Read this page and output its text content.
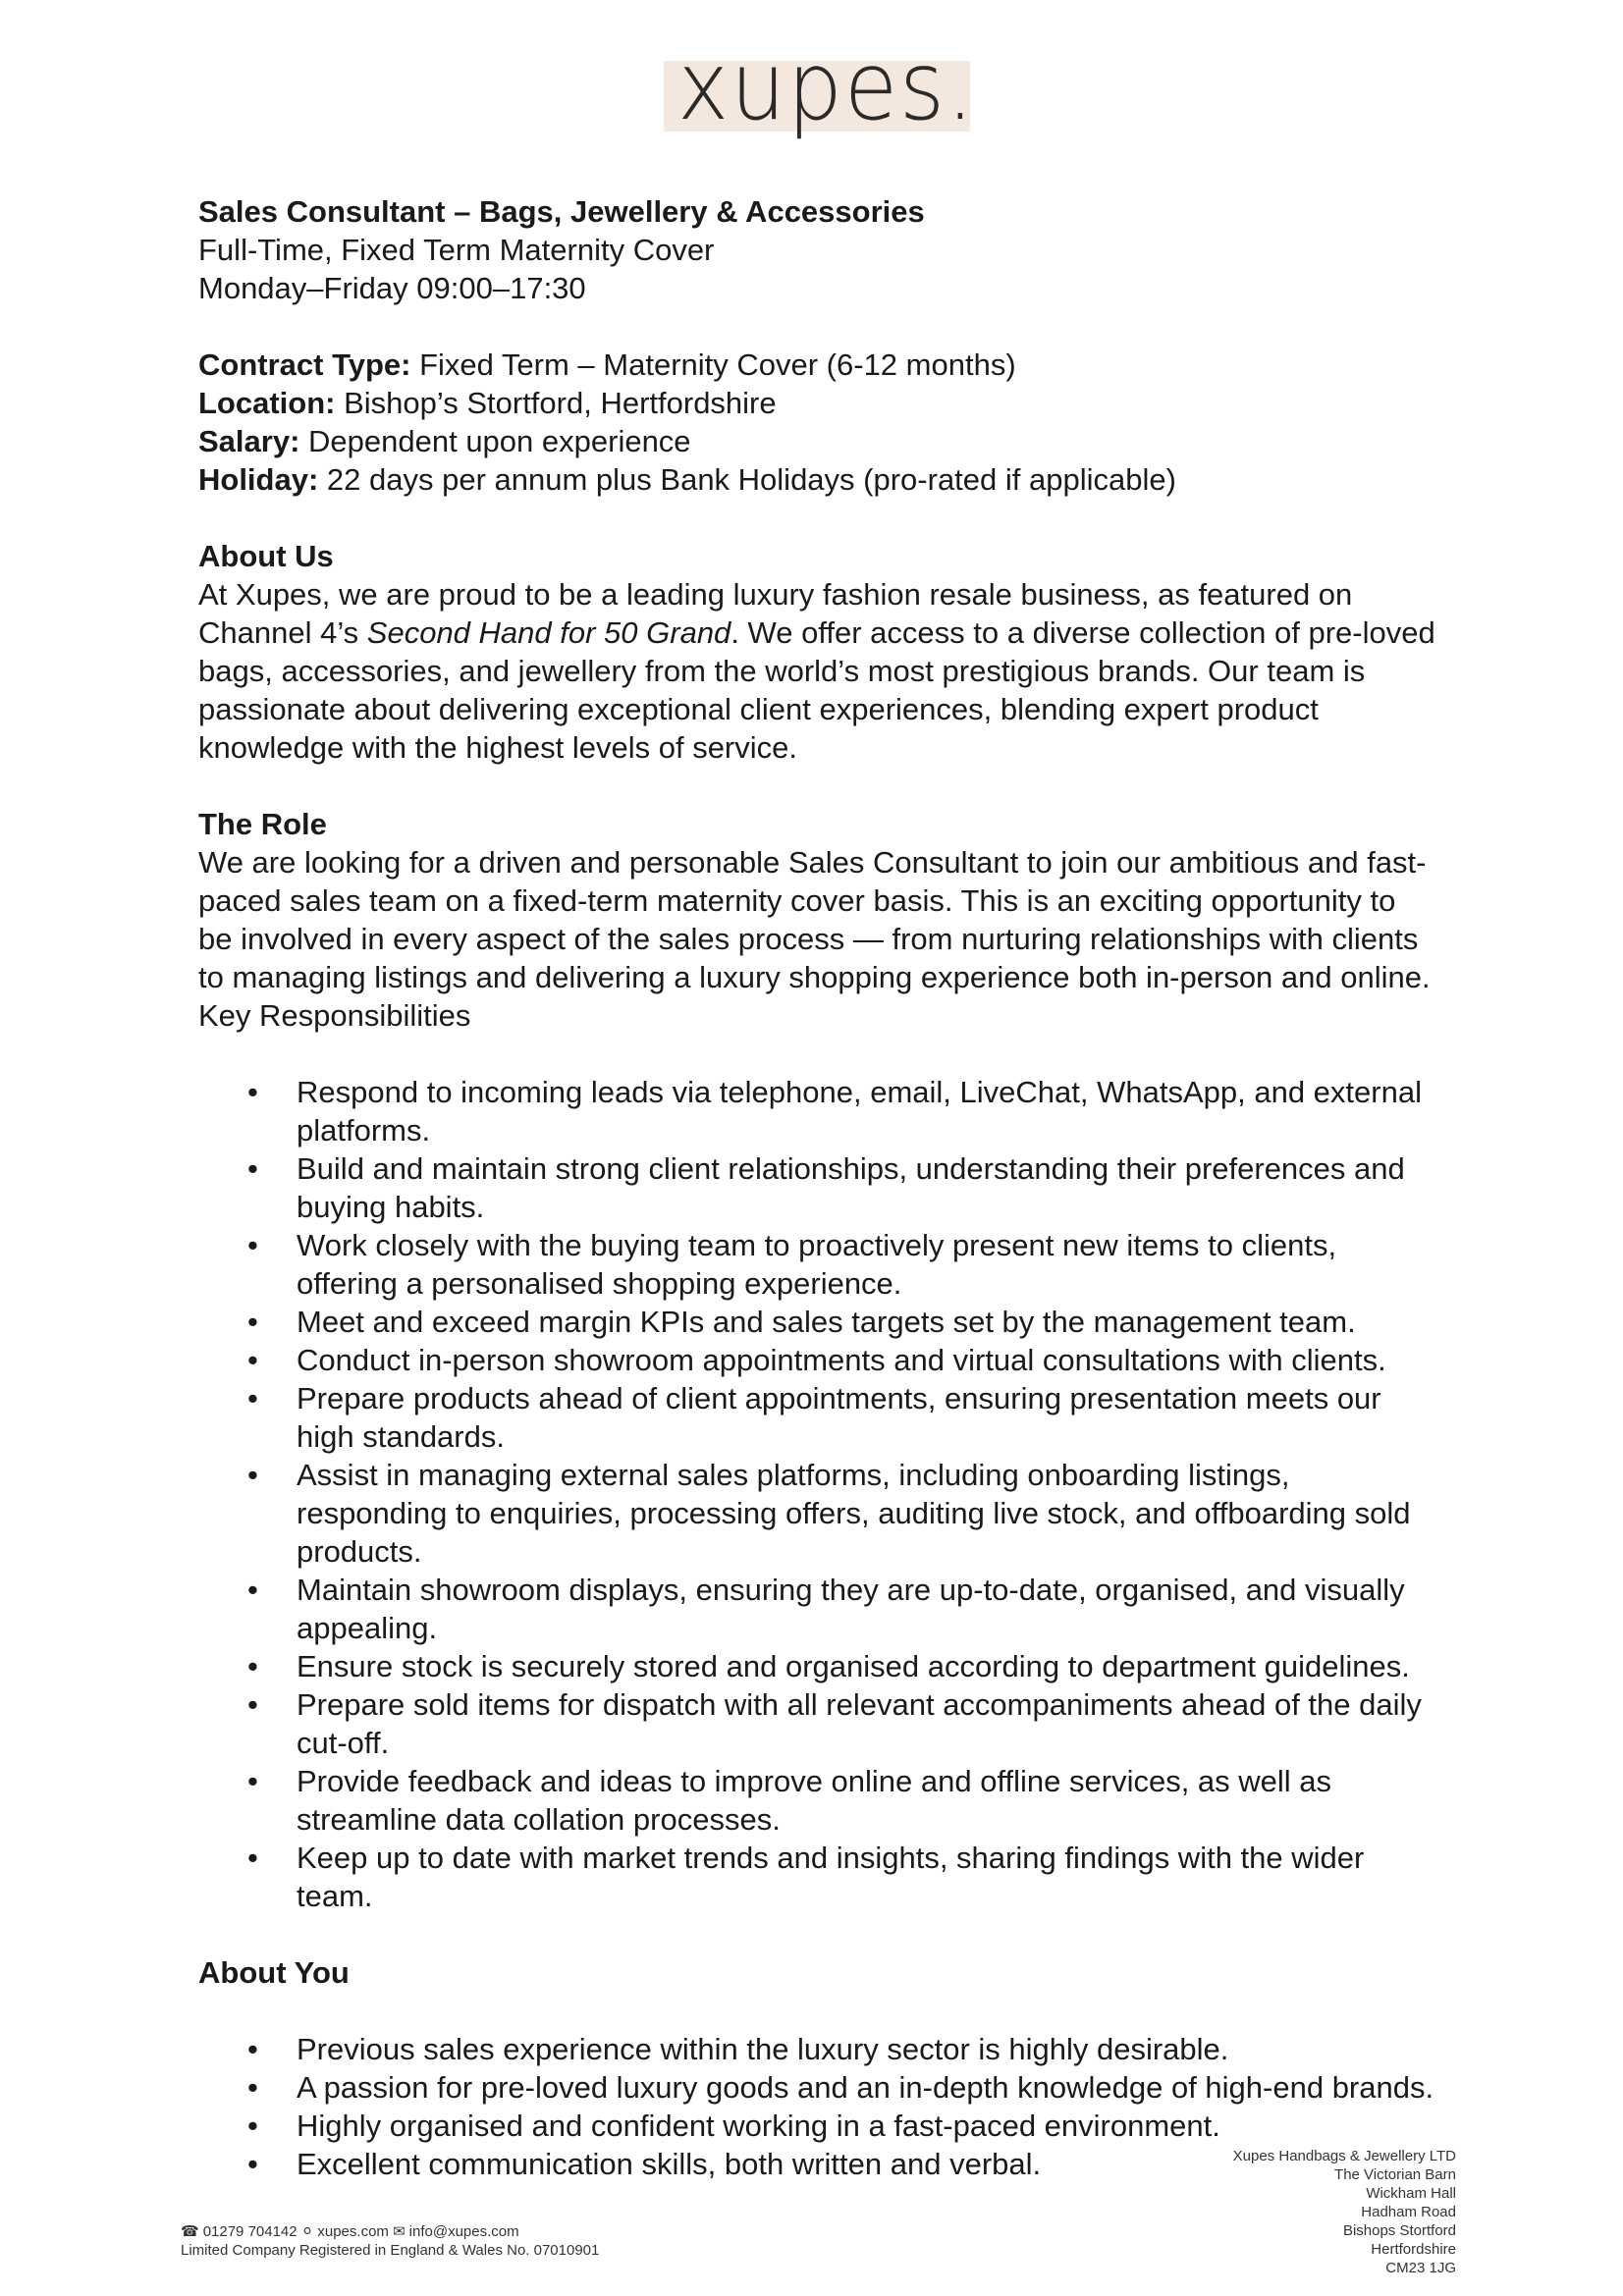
xupes.

Sales Consultant – Bags, Jewellery & Accessories

Full-Time, Fixed Term Maternity Cover

Monday–Friday 09:00–17:30

Contract Type: Fixed Term – Maternity Cover (6-12 months)

Location: Bishop’s Stortford, Hertfordshire

Salary: Dependent upon experience

Holiday: 22 days per annum plus Bank Holidays (pro-rated if applicable)

About Us

At Xupes, we are proud to be a leading luxury fashion resale business, as featured on Channel 4’s Second Hand for 50 Grand. We offer access to a diverse collection of pre-loved bags, accessories, and jewellery from the world’s most prestigious brands. Our team is passionate about delivering exceptional client experiences, blending expert product knowledge with the highest levels of service.

The Role

We are looking for a driven and personable Sales Consultant to join our ambitious and fast-paced sales team on a fixed-term maternity cover basis. This is an exciting opportunity to be involved in every aspect of the sales process — from nurturing relationships with clients to managing listings and delivering a luxury shopping experience both in-person and online.

Key Responsibilities

• Respond to incoming leads via telephone, email, LiveChat, WhatsApp, and external platforms.
• Build and maintain strong client relationships, understanding their preferences and buying habits.
• Work closely with the buying team to proactively present new items to clients, offering a personalised shopping experience.
• Meet and exceed margin KPIs and sales targets set by the management team.
• Conduct in-person showroom appointments and virtual consultations with clients.
• Prepare products ahead of client appointments, ensuring presentation meets our high standards.
• Assist in managing external sales platforms, including onboarding listings, responding to enquiries, processing offers, auditing live stock, and offboarding sold products.
• Maintain showroom displays, ensuring they are up-to-date, organised, and visually appealing.
• Ensure stock is securely stored and organised according to department guidelines.
• Prepare sold items for dispatch with all relevant accompaniments ahead of the daily cut-off.
• Provide feedback and ideas to improve online and offline services, as well as streamline data collation processes.
• Keep up to date with market trends and insights, sharing findings with the wider team.

About You

• Previous sales experience within the luxury sector is highly desirable.
• A passion for pre-loved luxury goods and an in-depth knowledge of high-end brands.
• Highly organised and confident working in a fast-paced environment.
• Excellent communication skills, both written and verbal.
☎ 01279 704142 ⚪ xupes.com ✉ info@xupes.com
Limited Company Registered in England & Wales No. 07010901
Xupes Handbags & Jewellery LTD
The Victorian Barn
Wickham Hall
Hadham Road
Bishops Stortford
Hertfordshire
CM23 1JG
